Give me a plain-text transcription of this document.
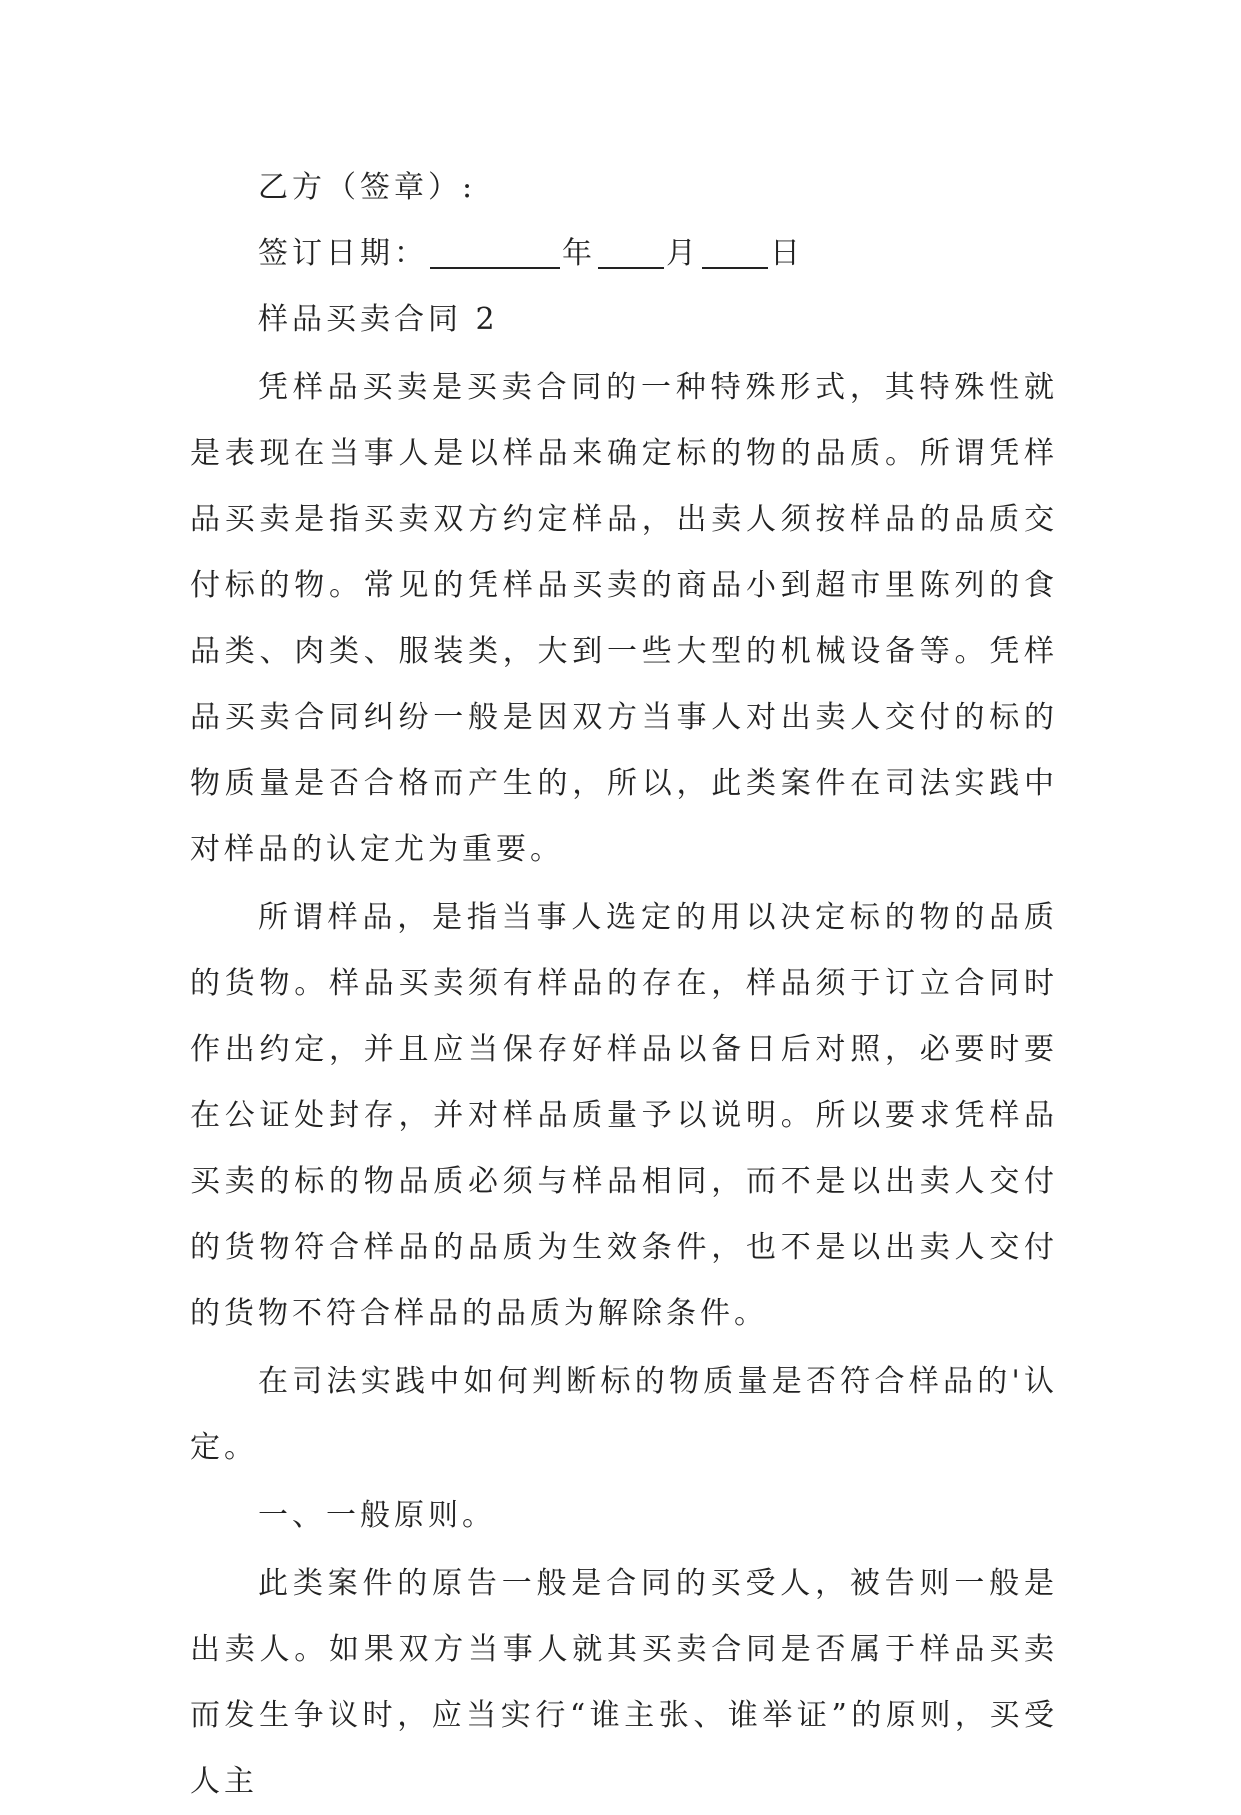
乙方（签章）:

签订日期：	年 月 日

样品买卖合同 2

凭样品买卖是买卖合同的一种特殊形式，其特殊性就是表现在当事人是以样品来确定标的物的品质。所谓凭样品买卖是指买卖双方约定样品，出卖人须按样品的品质交付标的物。常见的凭样品买卖的商品小到超市里陈列的食品类、肉类、服装类，大到一些大型的机械设备等。凭样品买卖合同纠纷一般是因双方当事人对出卖人交付的标的物质量是否合格而产生的，所以，此类案件在司法实践中对样品的认定尤为重要。

所谓样品，是指当事人选定的用以决定标的物的品质的货物。样品买卖须有样品的存在，样品须于订立合同时作出约定，并且应当保存好样品以备日后对照，必要时要在公证处封存，并对样品质量予以说明。所以要求凭样品买卖的标的物品质必须与样品相同，而不是以出卖人交付的货物符合样品的品质为生效条件，也不是以出卖人交付的货物不符合样品的品质为解除条件。

在司法实践中如何判断标的物质量是否符合样品的'认定。

一、一般原则。

此类案件的原告一般是合同的买受人，被告则一般是出卖人。如果双方当事人就其买卖合同是否属于样品买卖而发生争议时，应当实行“谁主张、谁举证”的原则，买受人主
